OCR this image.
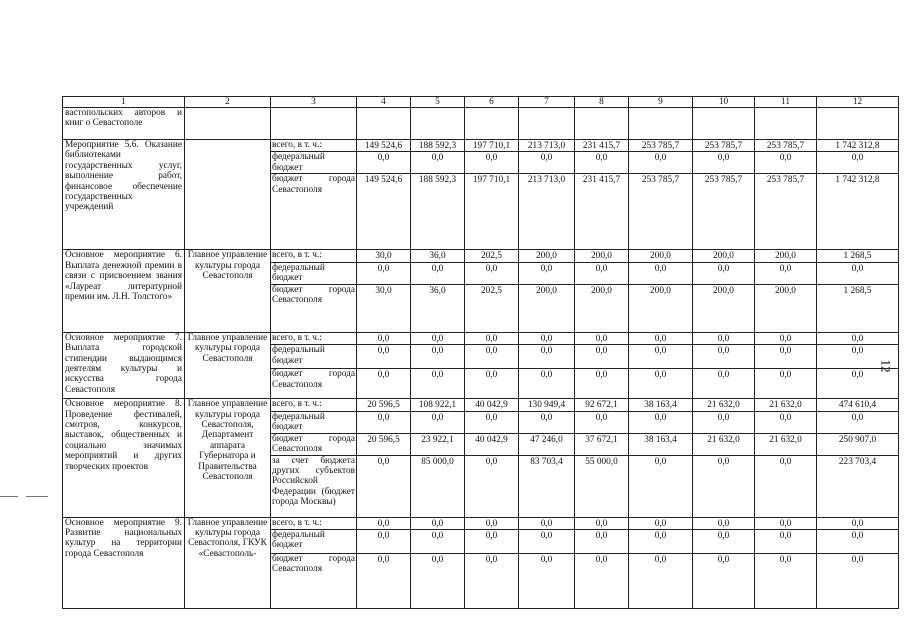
1	2	3	4	5	6	7	8	9	10	11	12
вастопольских авторов и книг о Севастополе											
Мероприятие 5.6. Оказание библиотеками государственных услуг, выполнение работ, финансовое обеспечение государственных учреждений		всего, в т. ч.:	149 524,6	188 592,3	197 710,1	213 713,0	231 415,7	253 785,7	253 785,7	253 785,7	1 742 312,8
		федеральный бюджет	0,0	0,0	0,0	0,0	0,0	0,0	0,0	0,0	0,0
		бюджет города Севастополя	149 524,6	188 592,3	197 710,1	213 713,0	231 415,7	253 785,7	253 785,7	253 785,7	1 742 312,8
Основное мероприятие 6. Выплата денежной премии в связи с присвоением звания «Лауреат литературной премии им. Л.Н. Толстого»	Главное управление культуры города Севастополя	всего, в т. ч.:	30,0	36,0	202,5	200,0	200,0	200,0	200,0	200,0	1 268,5
		федеральный бюджет	0,0	0,0	0,0	0,0	0,0	0,0	0,0	0,0	0,0
		бюджет города Севастополя	30,0	36,0	202,5	200,0	200,0	200,0	200,0	200,0	1 268,5
Основное мероприятие 7. Выплата городской стипендии выдающимся деятелям культуры и искусства города Севастополя	Главное управление культуры города Севастополя	всего, в т. ч.:	0,0	0,0	0,0	0,0	0,0	0,0	0,0	0,0	0,0
		федеральный бюджет	0,0	0,0	0,0	0,0	0,0	0,0	0,0	0,0	0,0
		бюджет города Севастополя	0,0	0,0	0,0	0,0	0,0	0,0	0,0	0,0	0,0
Основное мероприятие 8. Проведение фестивалей, смотров, конкурсов, выставок, общественных и социально значимых мероприятий и других творческих проектов	Главное управление культуры города Севастополя, Департамент аппарата Губернатора и Правительства Севастополя	всего, в т. ч.:	20 596,5	108 922,1	40 042,9	130 949,4	92 672,1	38 163,4	21 632,0	21 632,0	474 610,4
		федеральный бюджет	0,0	0,0	0,0	0,0	0,0	0,0	0,0	0,0	0,0
		бюджет города Севастополя	20 596,5	23 922,1	40 042,9	47 246,0	37 672,1	38 163,4	21 632,0	21 632,0	250 907,0
		за счет бюджета других субъектов Российской Федерации (бюджет города Москвы)	0,0	85 000,0	0,0	83 703,4	55 000,0	0,0	0,0	0,0	223 703,4
Основное мероприятие 9. Развитие национальных культур на территории города Севастополя	Главное управление культуры города Севастополя, ГКУК «Севастополь-	всего, в т. ч.:	0,0	0,0	0,0	0,0	0,0	0,0	0,0	0,0	0,0
		федеральный бюджет	0,0	0,0	0,0	0,0	0,0	0,0	0,0	0,0	0,0
		бюджет города Севастополя	0,0	0,0	0,0	0,0	0,0	0,0	0,0	0,0	0,0
12
